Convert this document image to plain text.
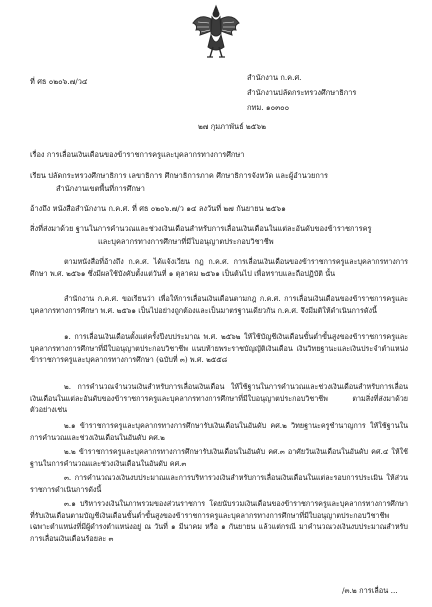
ที่ ศธ ๐๒๐๖.๗/ว๔	สำนักงาน ก.ค.ศ.
สำนักงานปลัดกระทรวงศึกษาธิการ
กทม. ๑๐๓๐๐
๒๗ กุมภาพันธ์ ๒๕๖๒
เรื่อง การเลื่อนเงินเดือนของข้าราชการครูและบุคลากรทางการศึกษา
เรียน ปลัดกระทรวงศึกษาธิการ เลขาธิการ ศึกษาธิการภาค ศึกษาธิการจังหวัด และผู้อำนวยการ
สำนักงานเขตพื้นที่การศึกษา
อ้างถึง หนังสือสำนักงาน ก.ค.ศ. ที่ ศธ ๐๒๐๖.๗/ว ๑๔ ลงวันที่ ๒๗ กันยายน ๒๕๖๑
สิ่งที่ส่งมาด้วย ฐานในการคำนวณและช่วงเงินเดือนสำหรับการเลื่อนเงินเดือนในแต่ละอันดับของข้าราชการครู
และบุคลากรทางการศึกษาที่มีใบอนุญาตประกอบวิชาชีพ
ตามหนังสือที่อ้างถึง ก.ค.ศ. ได้แจ้งเวียน กฎ ก.ค.ศ. การเลื่อนเงินเดือนของข้าราชการครูและบุคลากรทางการศึกษา พ.ศ. ๒๕๖๑ ซึ่งมีผลใช้บังคับตั้งแต่วันที่ ๑ ตุลาคม ๒๕๖๑ เป็นต้นไป เพื่อทราบและถือปฏิบัติ นั้น
สำนักงาน ก.ค.ศ. ขอเรียนว่า เพื่อให้การเลื่อนเงินเดือนตามกฎ ก.ค.ศ. การเลื่อนเงินเดือนของข้าราชการครูและบุคลากรทางการศึกษา พ.ศ. ๒๕๖๑ เป็นไปอย่างถูกต้องและเป็นมาตรฐานเดียวกัน ก.ค.ศ. จึงมีมติให้ดำเนินการดังนี้
๑. การเลื่อนเงินเดือนตั้งแต่ครั้งปีงบประมาณ พ.ศ. ๒๕๖๒ ให้ใช้บัญชีเงินเดือนขั้นต่ำขั้นสูงของข้าราชการครูและบุคลากรทางการศึกษาที่มีใบอนุญาตประกอบวิชาชีพ แนบท้ายพระราชบัญญัติเงินเดือน เงินวิทยฐานะและเงินประจำตำแหน่งข้าราชการครูและบุคลากรทางการศึกษา (ฉบับที่ ๓) พ.ศ. ๒๕๕๘
๒. การคำนวณจำนวนเงินสำหรับการเลื่อนเงินเดือน ให้ใช้ฐานในการคำนวณและช่วงเงินเดือนสำหรับการเลื่อนเงินเดือนในแต่ละอันดับของข้าราชการครูและบุคลากรทางการศึกษาที่มีใบอนุญาตประกอบวิชาชีพ ตามสิ่งที่ส่งมาด้วย ตัวอย่างเช่น
๒.๑ ข้าราชการครูและบุคลากรทางการศึกษารับเงินเดือนในอันดับ คศ.๒ วิทยฐานะครูชำนาญการ ให้ใช้ฐานในการคำนวณและช่วงเงินเดือนในอันดับ คศ.๒
๒.๒ ข้าราชการครูและบุคลากรทางการศึกษารับเงินเดือนในอันดับ คศ.๓ อาศัยวันเงินเดือนในอันดับ คศ.๔ ให้ใช้ฐานในการคำนวณและช่วงเงินเดือนในอันดับ คศ.๓
๓. การคำนวณวงเงินงบประมาณและการบริหารวงเงินสำหรับการเลื่อนเงินเดือนในแต่ละรอบการประเมิน ให้ส่วนราชการดำเนินการดังนี้
๓.๑ บริหารวงเงินในภาพรวมของส่วนราชการ โดยนับรวมเงินเดือนของข้าราชการครูและบุคลากรทางการศึกษา ที่รับเงินเดือนตามบัญชีเงินเดือนขั้นต่ำขั้นสูงของข้าราชการครูและบุคลากรทางการศึกษาที่มีใบอนุญาตประกอบวิชาชีพ เฉพาะตำแหน่งที่มีผู้ดำรงตำแหน่งอยู่ ณ วันที่ ๑ มีนาคม หรือ ๑ กันยายน แล้วแต่กรณี มาคำนวณวงเงินงบประมาณสำหรับการเลื่อนเงินเดือนร้อยละ ๓
/๓.๒ การเลื่อน ...
